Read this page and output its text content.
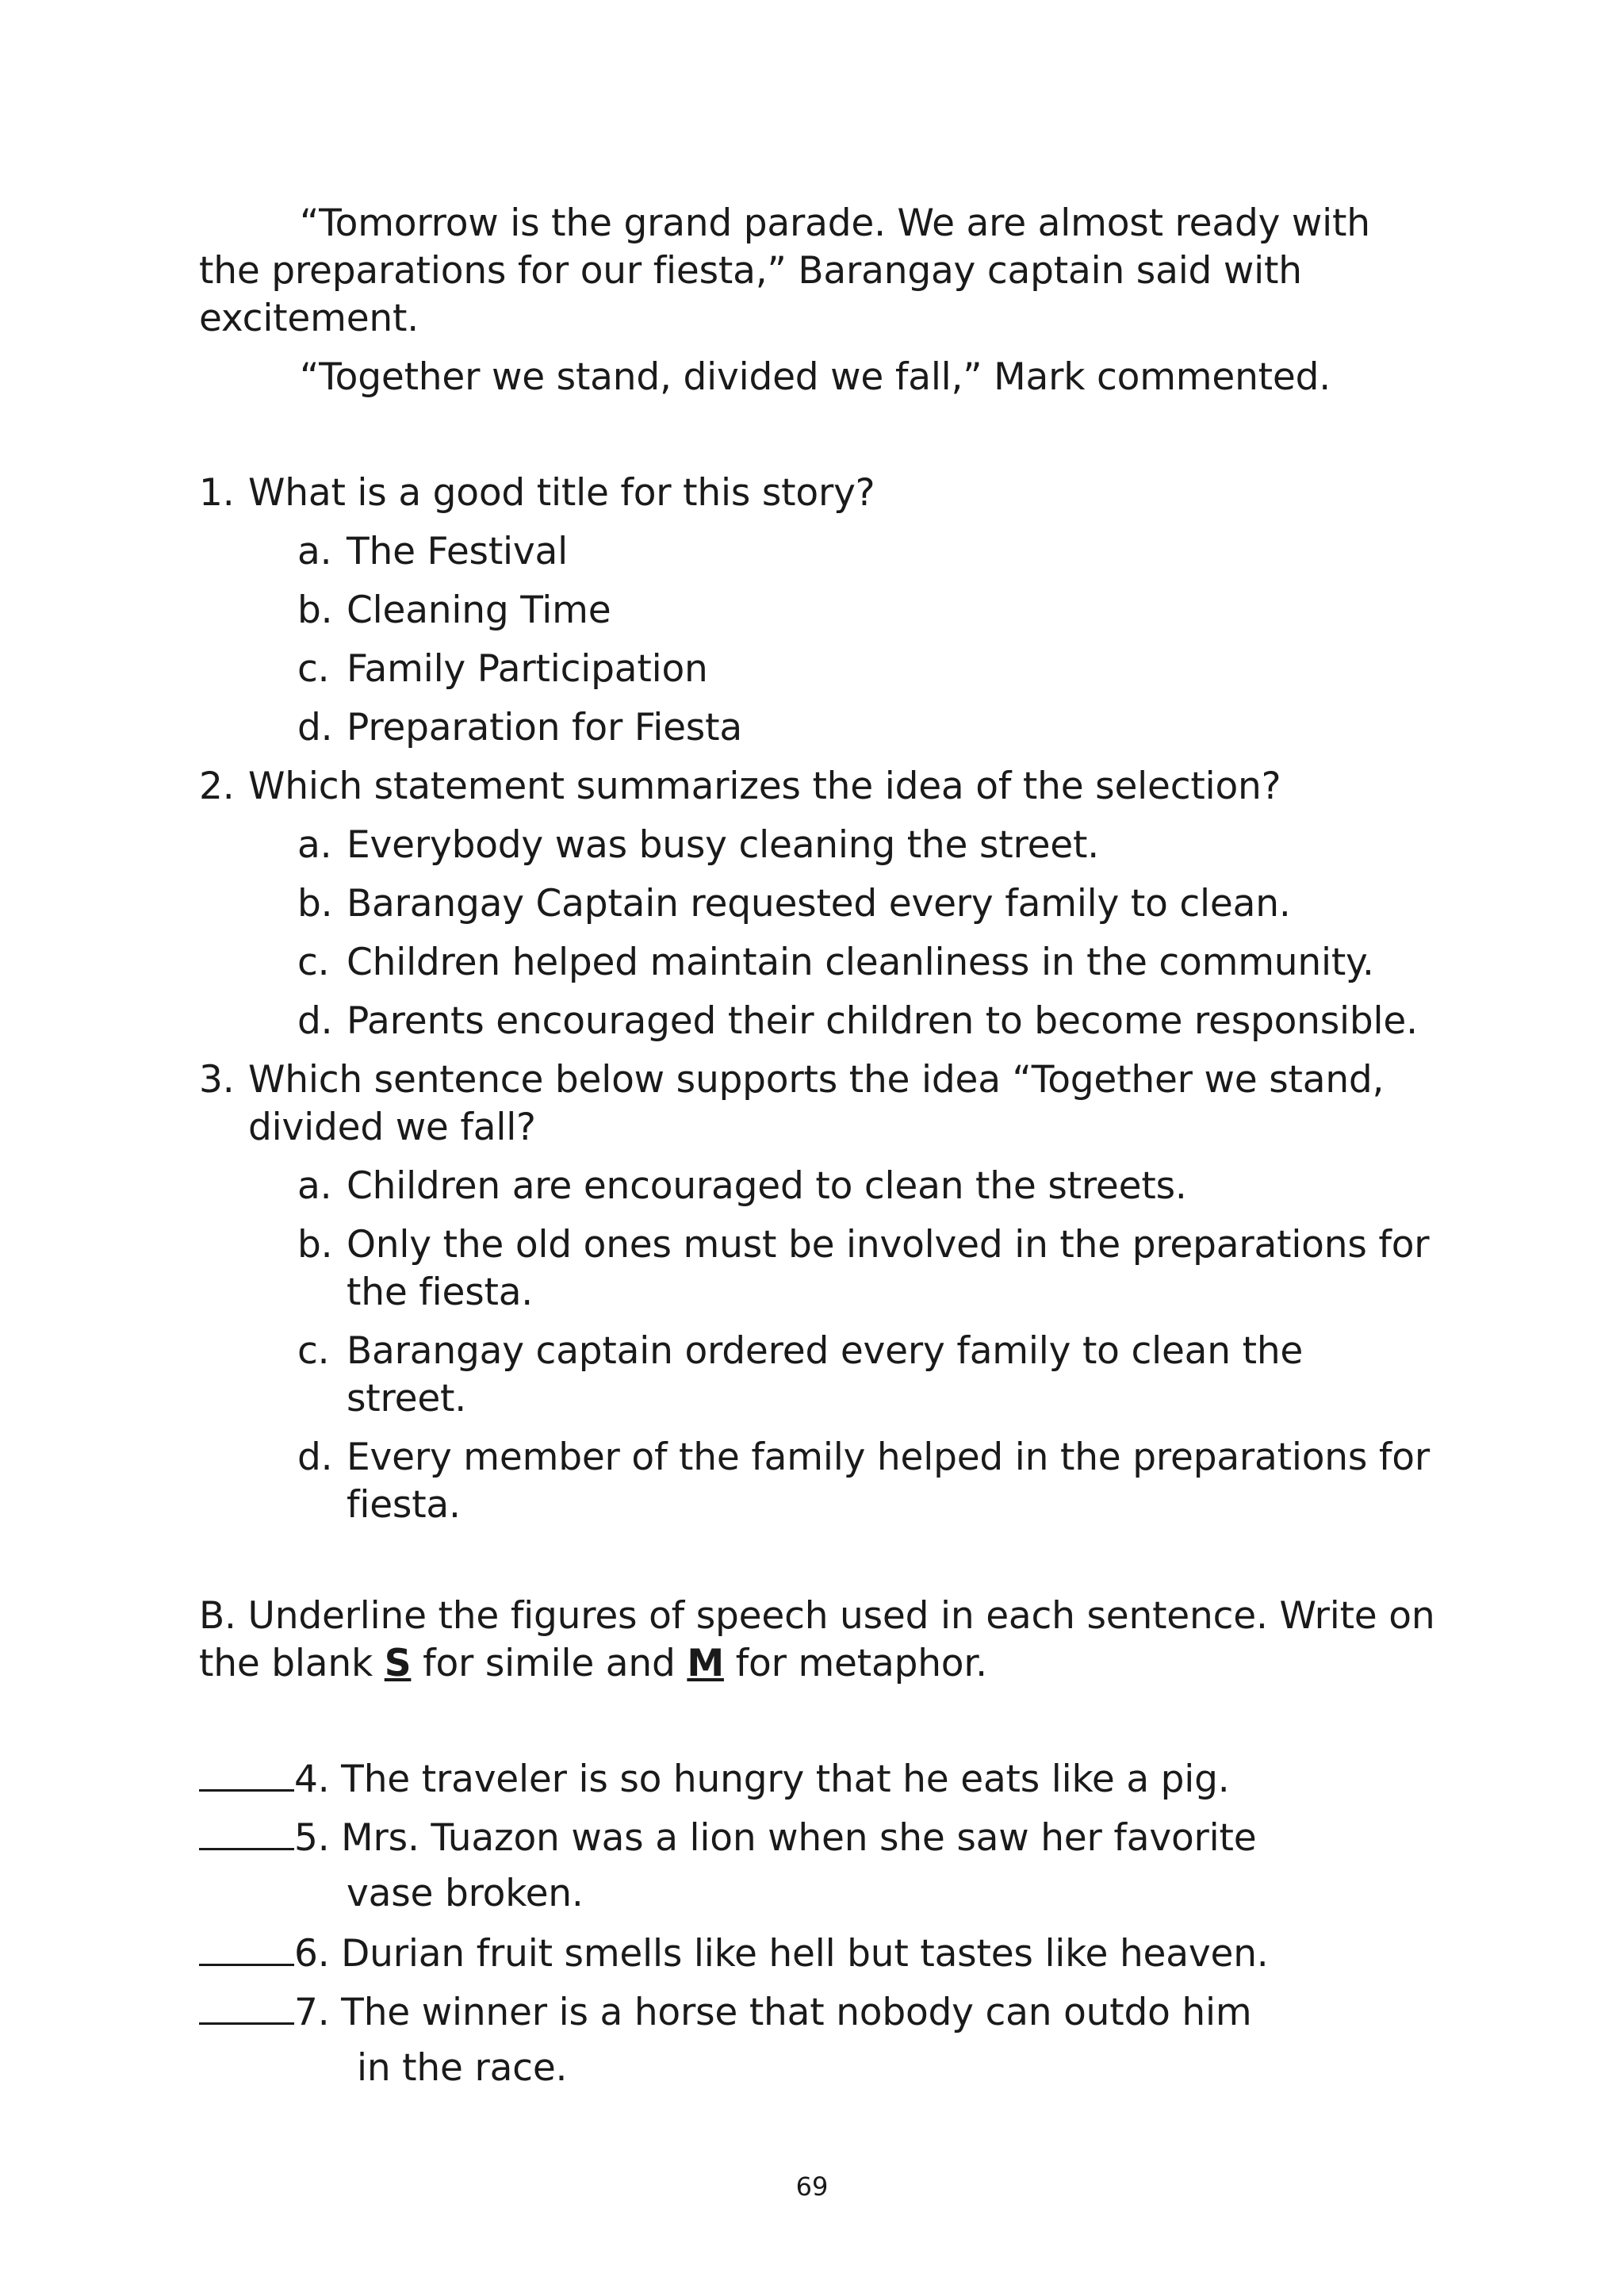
“Tomorrow is the grand parade. We are almost ready with
the preparations for our fiesta,” Barangay captain said with
excitement.
“Together we stand, divided we fall,” Mark commented.
1. What is a good title for this story?
a. The Festival
b. Cleaning Time
c. Family Participation
d. Preparation for Fiesta
2. Which statement summarizes the idea of the selection?
a. Everybody was busy cleaning the street.
b. Barangay Captain requested every family to clean.
c. Children helped maintain cleanliness in the community.
d. Parents encouraged their children to become responsible.
3. Which sentence below supports the idea “Together we stand,
divided we fall?
a. Children are encouraged to clean the streets.
b. Only the old ones must be involved in the preparations for
the fiesta.
c. Barangay captain ordered every family to clean the
street.
d. Every member of the family helped in the preparations for
fiesta.
B. Underline the figures of speech used in each sentence. Write on
the blank S for simile and M for metaphor.
4. The traveler is so hungry that he eats like a pig.
5. Mrs. Tuazon was a lion when she saw her favorite
vase broken.
6. Durian fruit smells like hell but tastes like heaven.
7. The winner is a horse that nobody can outdo him
in the race.
69
